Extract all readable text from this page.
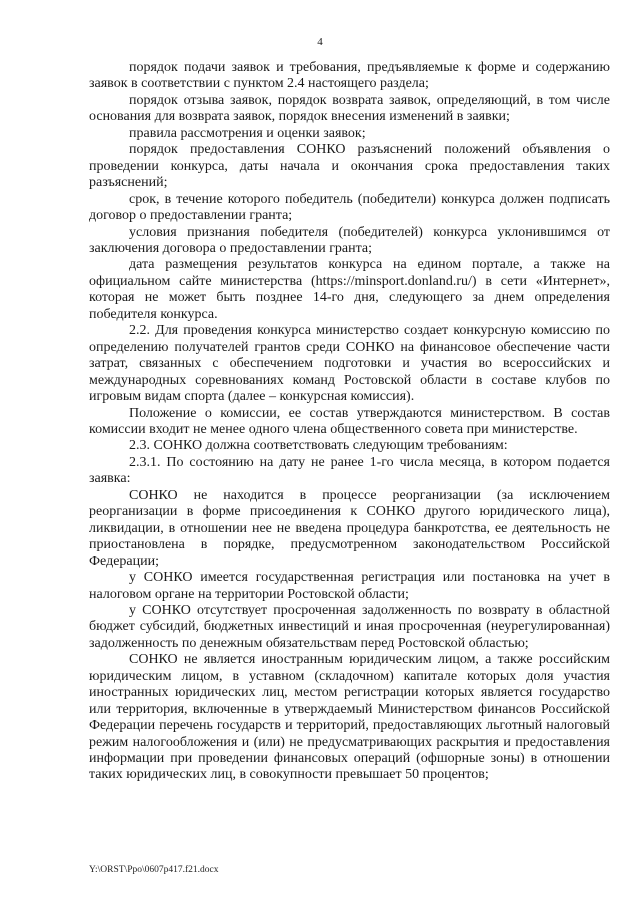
4

порядок подачи заявок и требования, предъявляемые к форме и содержанию заявок в соответствии с пунктом 2.4 настоящего раздела;

порядок отзыва заявок, порядок возврата заявок, определяющий, в том числе основания для возврата заявок, порядок внесения изменений в заявки;

правила рассмотрения и оценки заявок;

порядок предоставления СОНКО разъяснений положений объявления о проведении конкурса, даты начала и окончания срока предоставления таких разъяснений;

срок, в течение которого победитель (победители) конкурса должен подписать договор о предоставлении гранта;

условия признания победителя (победителей) конкурса уклонившимся от заключения договора о предоставлении гранта;

дата размещения результатов конкурса на едином портале, а также на официальном сайте министерства (https://minsport.donland.ru/) в сети «Интернет», которая не может быть позднее 14-го дня, следующего за днем определения победителя конкурса.

2.2. Для проведения конкурса министерство создает конкурсную комиссию по определению получателей грантов среди СОНКО на финансовое обеспечение части затрат, связанных с обеспечением подготовки и участия во всероссийских и международных соревнованиях команд Ростовской области в составе клубов по игровым видам спорта (далее – конкурсная комиссия).

Положение о комиссии, ее состав утверждаются министерством. В состав комиссии входит не менее одного члена общественного совета при министерстве.

2.3. СОНКО должна соответствовать следующим требованиям:

2.3.1. По состоянию на дату не ранее 1-го числа месяца, в котором подается заявка:

СОНКО не находится в процессе реорганизации (за исключением реорганизации в форме присоединения к СОНКО другого юридического лица), ликвидации, в отношении нее не введена процедура банкротства, ее деятельность не приостановлена в порядке, предусмотренном законодательством Российской Федерации;

у СОНКО имеется государственная регистрация или постановка на учет в налоговом органе на территории Ростовской области;

у СОНКО отсутствует просроченная задолженность по возврату в областной бюджет субсидий, бюджетных инвестиций и иная просроченная (неурегулированная) задолженность по денежным обязательствам перед Ростовской областью;

СОНКО не является иностранным юридическим лицом, а также российским юридическим лицом, в уставном (складочном) капитале которых доля участия иностранных юридических лиц, местом регистрации которых является государство или территория, включенные в утверждаемый Министерством финансов Российской Федерации перечень государств и территорий, предоставляющих льготный налоговый режим налогообложения и (или) не предусматривающих раскрытия и предоставления информации при проведении финансовых операций (офшорные зоны) в отношении таких юридических лиц, в совокупности превышает 50 процентов;

Y:\ORST\Ppo\0607p417.f21.docx
